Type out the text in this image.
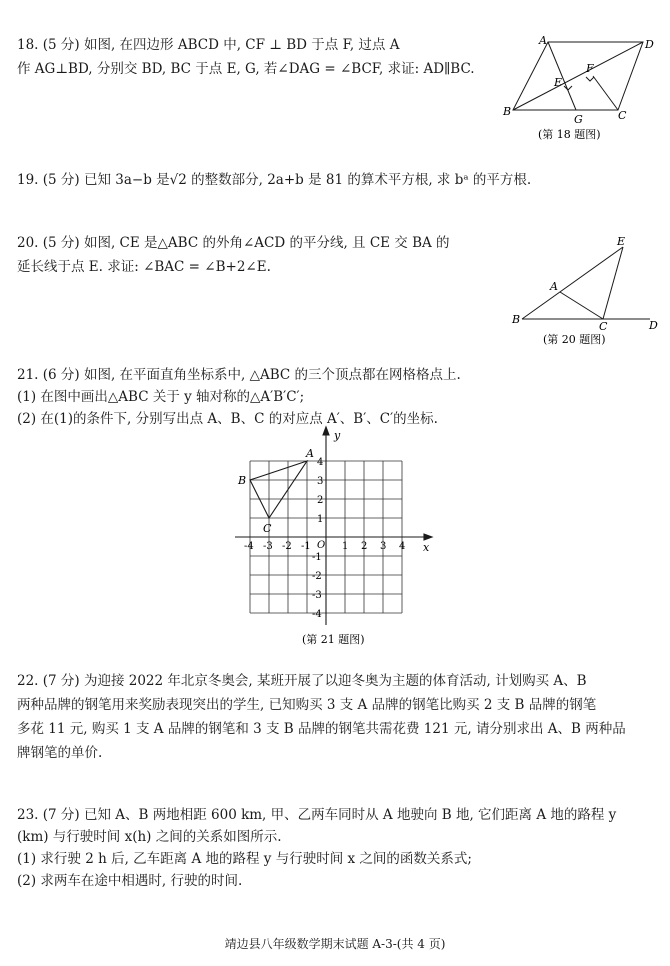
18. (5 分) 如图, 在四边形 ABCD 中, CF ⊥ BD 于点 F, 过点 A
作 AG⊥BD, 分别交 BD, BC 于点 E, G, 若∠DAG = ∠BCF, 求证: AD∥BC.
A	D
B	C
E
F
G
(第 18 题图)
19. (5 分) 已知 3a−b 是√2 的整数部分, 2a+b 是 81 的算术平方根, 求 bᵃ 的平方根.
20. (5 分) 如图, CE 是△ABC 的外角∠ACD 的平分线, 且 CE 交 BA 的
延长线于点 E. 求证: ∠BAC = ∠B+2∠E.
B
C	D
A
E
(第 20 题图)
21. (6 分) 如图, 在平面直角坐标系中, △ABC 的三个顶点都在网格格点上.
(1) 在图中画出△ABC 关于 y 轴对称的△A′B′C′;
(2) 在(1)的条件下, 分别写出点 A、B、C 的对应点 A′、B′、C′的坐标.
-4 -3 -2 -1	1 2 3 4
4
3
2
1
-1
-2
-3
-4
x
y
O
A
B
C
(第 21 题图)
22. (7 分) 为迎接 2022 年北京冬奥会, 某班开展了以迎冬奥为主题的体育活动, 计划购买 A、B
两种品牌的钢笔用来奖励表现突出的学生, 已知购买 3 支 A 品牌的钢笔比购买 2 支 B 品牌的钢笔
多花 11 元, 购买 1 支 A 品牌的钢笔和 3 支 B 品牌的钢笔共需花费 121 元, 请分别求出 A、B 两种品
牌钢笔的单价.
23. (7 分) 已知 A、B 两地相距 600 km, 甲、乙两车同时从 A 地驶向 B 地, 它们距离 A 地的路程 y
(km) 与行驶时间 x(h) 之间的关系如图所示.
(1) 求行驶 2 h 后, 乙车距离 A 地的路程 y 与行驶时间 x 之间的函数关系式;
(2) 求两车在途中相遇时, 行驶的时间.
靖边县八年级数学期末试题 A-3-(共 4 页)
